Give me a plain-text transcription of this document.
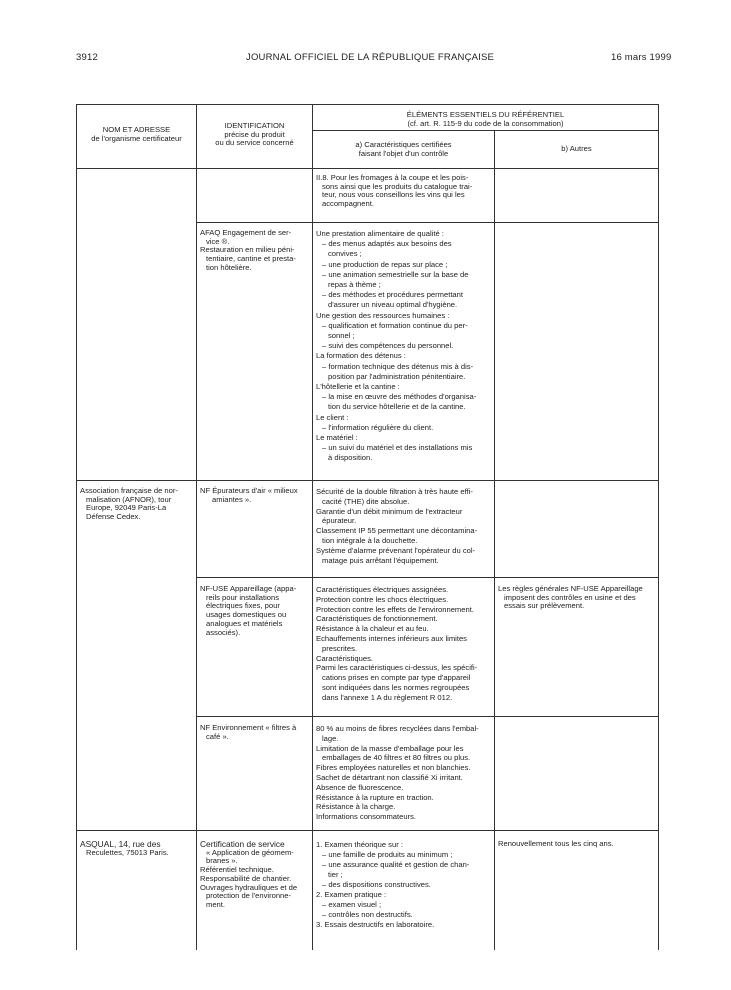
3912	JOURNAL OFFICIEL DE LA RÉPUBLIQUE FRANÇAISE	16 mars 1999
NOM ET ADRESSE
de l'organisme certificateur
IDENTIFICATION
précise du produit
ou du service concerné
ÉLÉMENTS ESSENTIELS DU RÉFÉRENTIEL
(cf. art. R. 115-9 du code de la consommation)
a) Caractéristiques certifiées
faisant l'objet d'un contrôle
b) Autres
II.8. Pour les fromages à la coupe et les pois-
sons ainsi que les produits du catalogue trai-
teur, nous vous conseillons les vins qui les
accompagnent.
AFAQ Engagement de ser-
vice ®.
Restauration en milieu péni-
tentiaire, cantine et presta-
tion hôtelière.
Une prestation alimentaire de qualité :
– des menus adaptés aux besoins des
convives ;
– une production de repas sur place ;
– une animation semestrielle sur la base de
repas à thème ;
– des méthodes et procédures permettant
d'assurer un niveau optimal d'hygiène.
Une gestion des ressources humaines :
– qualification et formation continue du per-
sonnel ;
– suivi des compétences du personnel.
La formation des détenus :
– formation technique des détenus mis à dis-
position par l'administration pénitentiaire.
L'hôtellerie et la cantine :
– la mise en œuvre des méthodes d'organisa-
tion du service hôtellerie et de la cantine.
Le client :
– l'information régulière du client.
Le matériel :
– un suivi du matériel et des installations mis
à disposition.
Association française de nor-
malisation (AFNOR), tour
Europe, 92049 Paris-La
Défense Cedex.
NF Épurateurs d'air « milieux
amiantes ».
Sécurité de la double filtration à très haute effi-
cacité (THE) dite absolue.
Garantie d'un débit minimum de l'extracteur
épurateur.
Classement IP 55 permettant une décontamina-
tion intégrale à la douchette.
Système d'alarme prévenant l'opérateur du col-
matage puis arrêtant l'équipement.
NF-USE Appareillage (appa-
reils pour installations
électriques fixes, pour
usages domestiques ou
analogues et matériels
associés).
Caractéristiques électriques assignées.
Protection contre les chocs électriques.
Protection contre les effets de l'environnement.
Caractéristiques de fonctionnement.
Résistance à la chaleur et au feu.
Echauffements internes inférieurs aux limites
prescrites.
Caractéristiques.
Parmi les caractéristiques ci-dessus, les spécifi-
cations prises en compte par type d'appareil
sont indiquées dans les normes regroupées
dans l'annexe 1 A du règlement R 012.
Les règles générales NF-USE Appareillage
imposent des contrôles en usine et des
essais sur prélèvement.
NF Environnement « filtres à
café ».
80 % au moins de fibres recyclées dans l'embal-
lage.
Limitation de la masse d'emballage pour les
emballages de 40 filtres et 80 filtres ou plus.
Fibres employées naturelles et non blanchies.
Sachet de détartrant non classifié Xi irritant.
Absence de fluorescence.
Résistance à la rupture en traction.
Résistance à la charge.
Informations consommateurs.
ASQUAL, 14, rue des
Reculettes, 75013 Paris.
Certification de service
« Application de géomem-
branes ».
Référentiel technique.
Responsabilité de chantier.
Ouvrages hydrauliques et de
protection de l'environne-
ment.
1. Examen théorique sur :
– une famille de produits au minimum ;
– une assurance qualité et gestion de chan-
tier ;
– des dispositions constructives.
2. Examen pratique :
– examen visuel ;
– contrôles non destructifs.
3. Essais destructifs en laboratoire.
Renouvellement tous les cinq ans.
